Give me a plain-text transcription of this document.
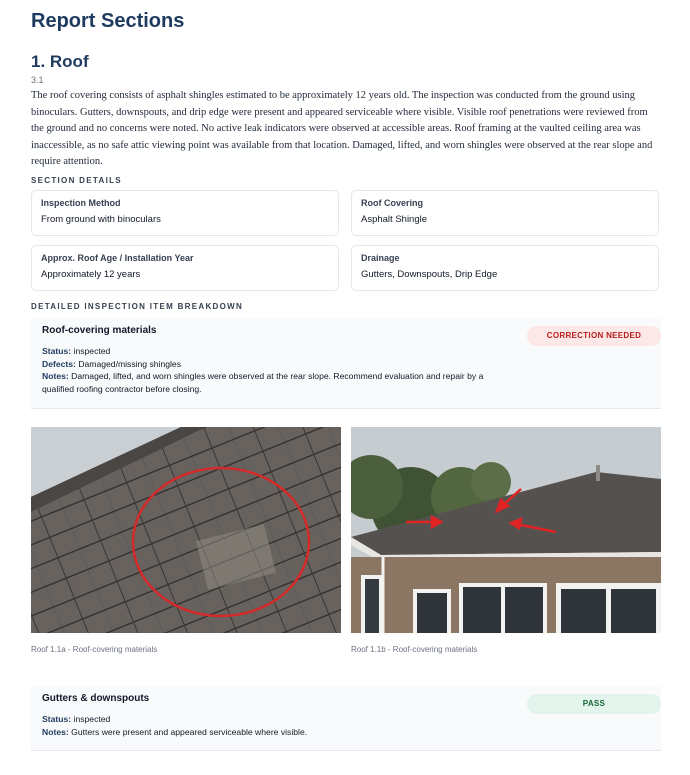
Report Sections
1. Roof
3.1

The roof covering consists of asphalt shingles estimated to be approximately 12 years old. The inspection was conducted from the ground using binoculars. Gutters, downspouts, and drip edge were present and appeared serviceable where visible. Visible roof penetrations were reviewed from the ground and no concerns were noted. No active leak indicators were observed at accessible areas. Roof framing at the vaulted ceiling area was inaccessible, as no safe attic viewing point was available from that location. Damaged, lifted, and worn shingles were observed at the rear slope and require attention.

SECTION DETAILS
Inspection Method
From ground with binoculars
Roof Covering
Asphalt Shingle
Approx. Roof Age / Installation Year
Approximately 12 years
Drainage
Gutters, Downspouts, Drip Edge
DETAILED INSPECTION ITEM BREAKDOWN
Roof-covering materials
Status: inspected
Defects: Damaged/missing shingles
Notes: Damaged, lifted, and worn shingles were observed at the rear slope. Recommend evaluation and repair by a qualified roofing contractor before closing.
CORRECTION NEEDED
Roof 1.1a - Roof-covering materials	Roof 1.1b - Roof-covering materials
Gutters & downspouts
Status: inspected
Notes: Gutters were present and appeared serviceable where visible.
PASS
